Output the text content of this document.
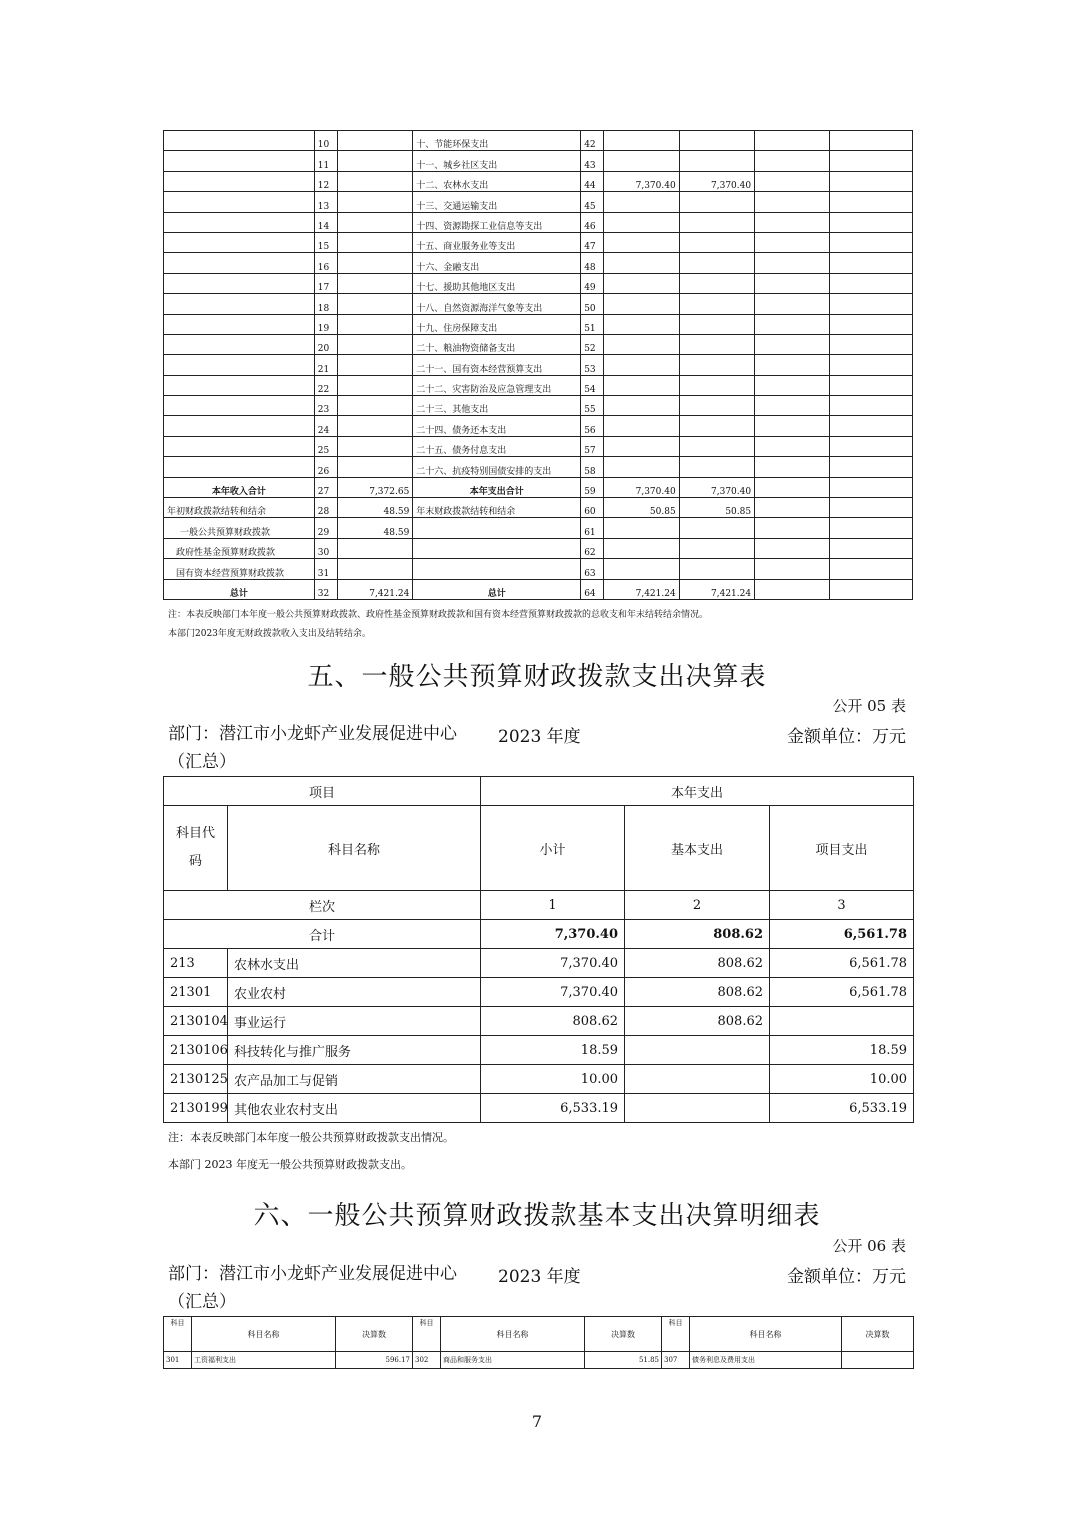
	10		十、节能环保支出	42				
	11		十一、城乡社区支出	43				
	12		十二、农林水支出	44	7,370.40	7,370.40		
	13		十三、交通运输支出	45				
	14		十四、资源勘探工业信息等支出	46				
	15		十五、商业服务业等支出	47				
	16		十六、金融支出	48				
	17		十七、援助其他地区支出	49				
	18		十八、自然资源海洋气象等支出	50				
	19		十九、住房保障支出	51				
	20		二十、粮油物资储备支出	52				
	21		二十一、国有资本经营预算支出	53				
	22		二十二、灾害防治及应急管理支出	54				
	23		二十三、其他支出	55				
	24		二十四、债务还本支出	56				
	25		二十五、债务付息支出	57				
	26		二十六、抗疫特别国债安排的支出	58				
本年收入合计	27	7,372.65	本年支出合计	59	7,370.40	7,370.40		
年初财政拨款结转和结余	28	48.59	年末财政拨款结转和结余	60	50.85	50.85		
一般公共预算财政拨款	29	48.59		61				
政府性基金预算财政拨款	30			62				
国有资本经营预算财政拨款	31			63				
总计	32	7,421.24	总计	64	7,421.24	7,421.24		
注：本表反映部门本年度一般公共预算财政拨款、政府性基金预算财政拨款和国有资本经营预算财政拨款的总收支和年末结转结余情况。
本部门2023年度无财政拨款收入支出及结转结余。
五、一般公共预算财政拨款支出决算表
公开 05 表
部门：潜江市小龙虾产业发展促进中心（汇总）
2023 年度	金额单位：万元
项目		本年支出		
科目代码	科目名称	小计	基本支出	项目支出
栏次		1	2	3
合计		7,370.40	808.62	6,561.78
213	农林水支出	7,370.40	808.62	6,561.78
21301	农业农村	7,370.40	808.62	6,561.78
2130104	事业运行	808.62	808.62	
2130106	科技转化与推广服务	18.59		18.59
2130125	农产品加工与促销	10.00		10.00
2130199	其他农业农村支出	6,533.19		6,533.19
注：本表反映部门本年度一般公共预算财政拨款支出情况。
本部门 2023 年度无一般公共预算财政拨款支出。
六、一般公共预算财政拨款基本支出决算明细表
公开 06 表
部门：潜江市小龙虾产业发展促进中心（汇总）
2023 年度	金额单位：万元
科目	科目名称	决算数	科目	科目名称	决算数	科目	科目名称	决算数
301	工资福利支出	596.17	302	商品和服务支出	51.85	307	债务利息及费用支出	
7
